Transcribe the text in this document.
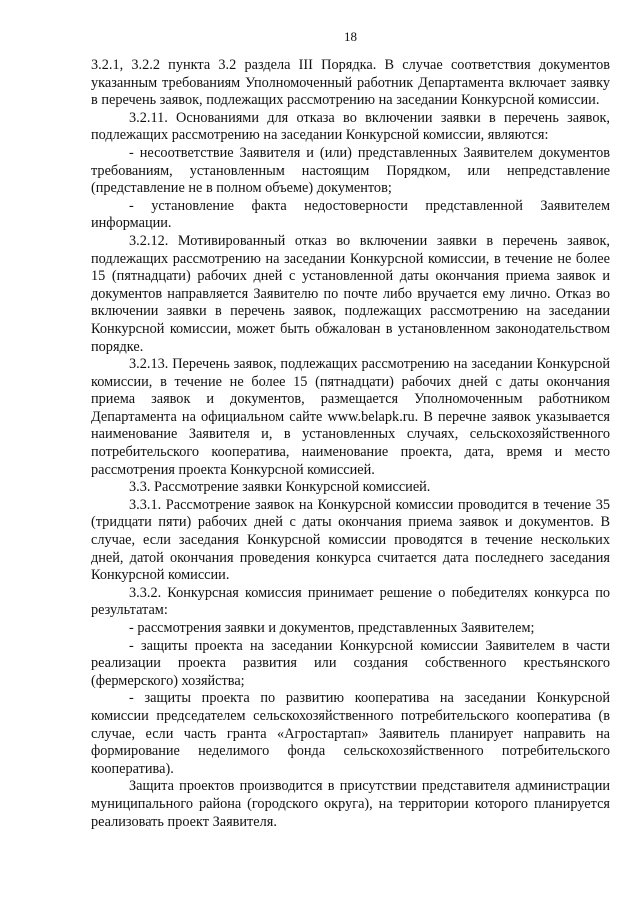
18

3.2.1, 3.2.2 пункта 3.2 раздела III Порядка. В случае соответствия документов указанным требованиям Уполномоченный работник Департамента включает заявку в перечень заявок, подлежащих рассмотрению на заседании Конкурсной комиссии.

3.2.11. Основаниями для отказа во включении заявки в перечень заявок, подлежащих рассмотрению на заседании Конкурсной комиссии, являются:

- несоответствие Заявителя и (или) представленных Заявителем документов требованиям, установленным настоящим Порядком, или непредставление (представление не в полном объеме) документов;

- установление факта недостоверности представленной Заявителем информации.

3.2.12. Мотивированный отказ во включении заявки в перечень заявок, подлежащих рассмотрению на заседании Конкурсной комиссии, в течение не более 15 (пятнадцати) рабочих дней с установленной даты окончания приема заявок и документов направляется Заявителю по почте либо вручается ему лично. Отказ во включении заявки в перечень заявок, подлежащих рассмотрению на заседании Конкурсной комиссии, может быть обжалован в установленном законодательством порядке.

3.2.13. Перечень заявок, подлежащих рассмотрению на заседании Конкурсной комиссии, в течение не более 15 (пятнадцати) рабочих дней с даты окончания приема заявок и документов, размещается Уполномоченным работником Департамента на официальном сайте www.belapk.ru. В перечне заявок указывается наименование Заявителя и, в установленных случаях, сельскохозяйственного потребительского кооператива, наименование проекта, дата, время и место рассмотрения проекта Конкурсной комиссией.

3.3. Рассмотрение заявки Конкурсной комиссией.

3.3.1. Рассмотрение заявок на Конкурсной комиссии проводится в течение 35 (тридцати пяти) рабочих дней с даты окончания приема заявок и документов. В случае, если заседания Конкурсной комиссии проводятся в течение нескольких дней, датой окончания проведения конкурса считается дата последнего заседания Конкурсной комиссии.

3.3.2. Конкурсная комиссия принимает решение о победителях конкурса по результатам:

- рассмотрения заявки и документов, представленных Заявителем;

- защиты проекта на заседании Конкурсной комиссии Заявителем в части реализации проекта развития или создания собственного крестьянского (фермерского) хозяйства;

- защиты проекта по развитию кооператива на заседании Конкурсной комиссии председателем сельскохозяйственного потребительского кооператива (в случае, если часть гранта «Агростартап» Заявитель планирует направить на формирование неделимого фонда сельскохозяйственного потребительского кооператива).

Защита проектов производится в присутствии представителя администрации муниципального района (городского округа), на территории которого планируется реализовать проект Заявителя.
